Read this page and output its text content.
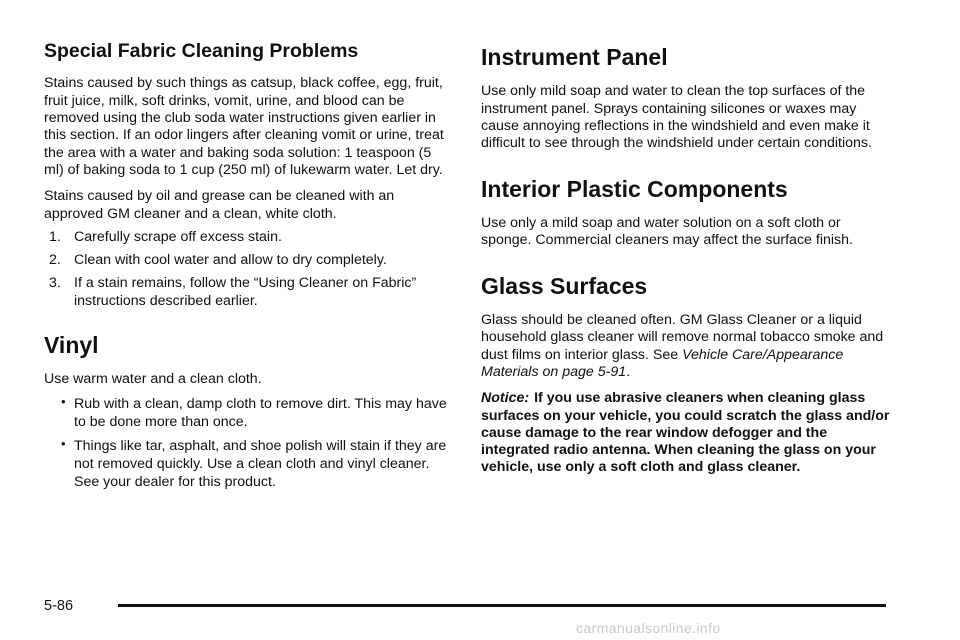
Special Fabric Cleaning Problems

Stains caused by such things as catsup, black coffee, egg, fruit, fruit juice, milk, soft drinks, vomit, urine, and blood can be removed using the club soda water instructions given earlier in this section. If an odor lingers after cleaning vomit or urine, treat the area with a water and baking soda solution: 1 teaspoon (5 ml) of baking soda to 1 cup (250 ml) of lukewarm water. Let dry.

Stains caused by oil and grease can be cleaned with an approved GM cleaner and a clean, white cloth.

1. Carefully scrape off excess stain.
2. Clean with cool water and allow to dry completely.
3. If a stain remains, follow the “Using Cleaner on Fabric” instructions described earlier.
Vinyl

Use warm water and a clean cloth.

• Rub with a clean, damp cloth to remove dirt. This may have to be done more than once.
• Things like tar, asphalt, and shoe polish will stain if they are not removed quickly. Use a clean cloth and vinyl cleaner. See your dealer for this product.
Instrument Panel

Use only mild soap and water to clean the top surfaces of the instrument panel. Sprays containing silicones or waxes may cause annoying reflections in the windshield and even make it difficult to see through the windshield under certain conditions.

Interior Plastic Components

Use only a mild soap and water solution on a soft cloth or sponge. Commercial cleaners may affect the surface finish.

Glass Surfaces

Glass should be cleaned often. GM Glass Cleaner or a liquid household glass cleaner will remove normal tobacco smoke and dust films on interior glass. See Vehicle Care/Appearance Materials on page 5-91.

Notice: If you use abrasive cleaners when cleaning glass surfaces on your vehicle, you could scratch the glass and/or cause damage to the rear window defogger and the integrated radio antenna. When cleaning the glass on your vehicle, use only a soft cloth and glass cleaner.

5-86
carmanualsonline.info
